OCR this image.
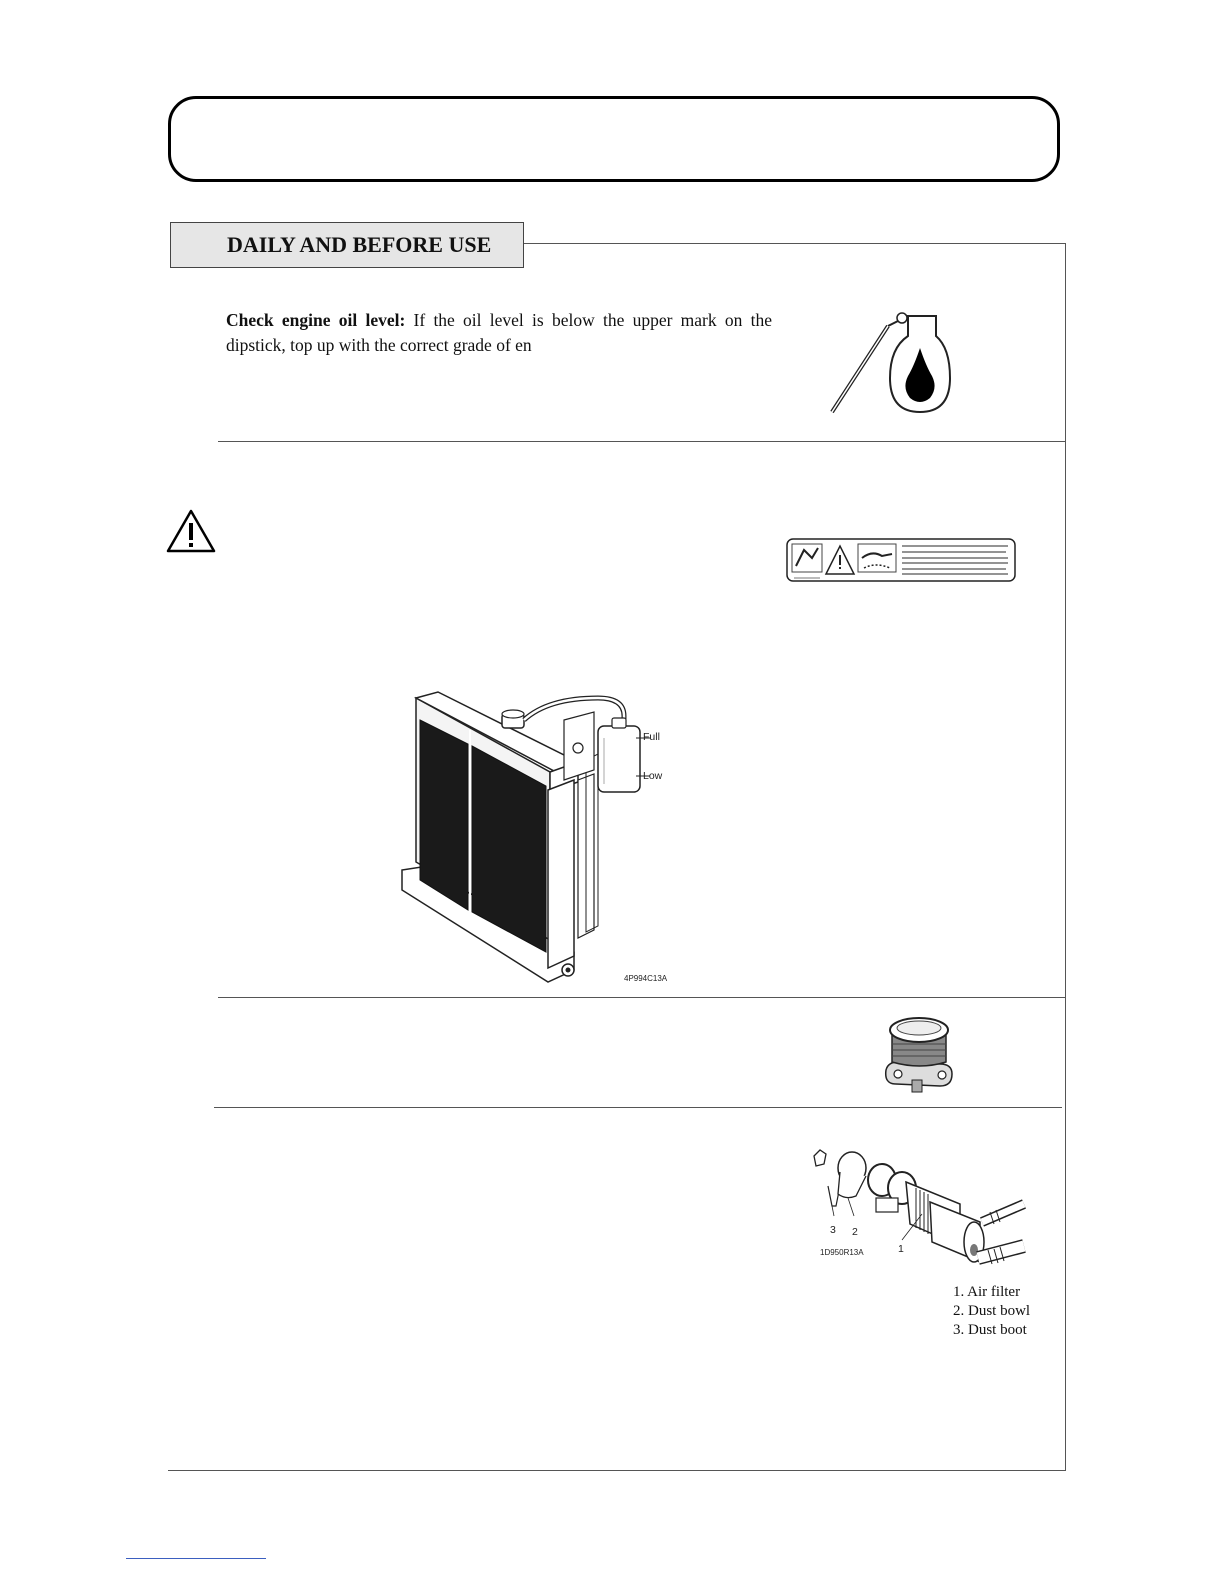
DAILY AND BEFORE USE
Check engine oil level: If the oil level is below the upper mark on the dipstick, top up with the correct grade of en
Full
Low
4P994C13A
3 2
1
1D950R13A
1. Air filter
2. Dust bowl
3. Dust boot
